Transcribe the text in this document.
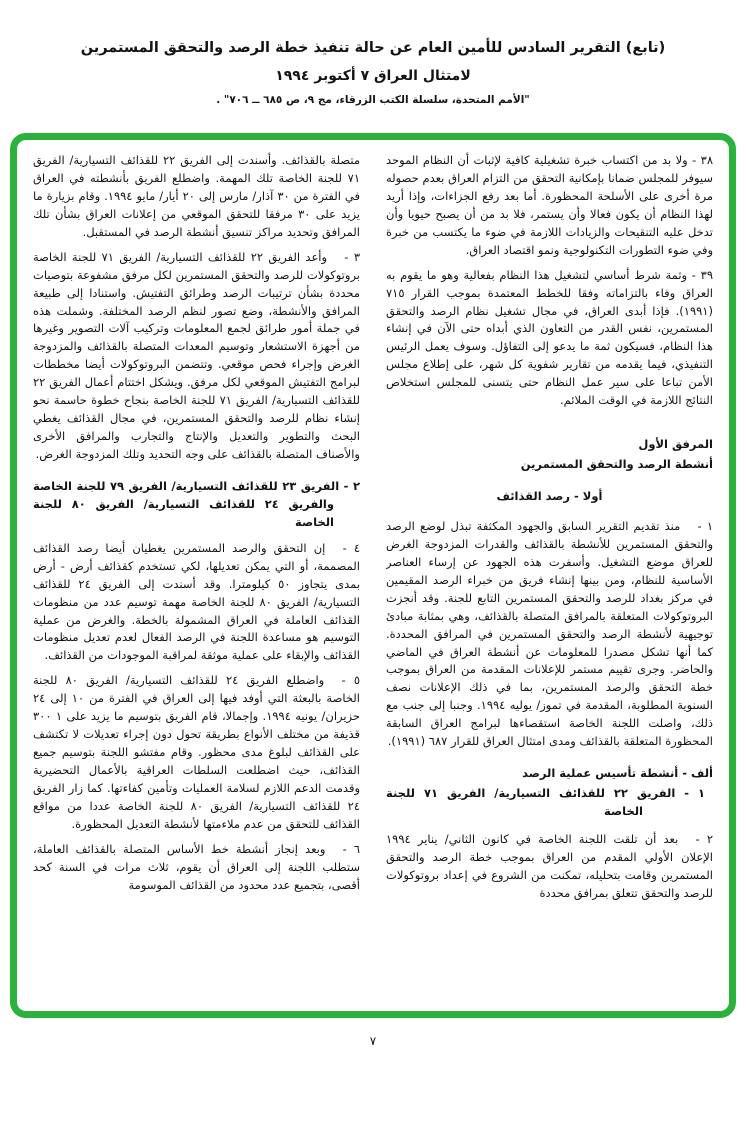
(تابع) التقرير السادس للأمين العام عن حالة تنفيذ خطة الرصد والتحقق المستمرين
لامتثال العراق ٧ أكتوبر ١٩٩٤
"الأمم المتحدة، سلسلة الكتب الزرقاء، مج ٩، ص ٦٨٥ ــ ٧٠٦" .

٣٨ - ولا بد من اكتساب خبرة تشغيلية كافية لإثبات أن النظام الموحد سيوفر للمجلس ضمانا بإمكانية التحقق من التزام العراق بعدم حصوله مرة أخرى على الأسلحة المحظورة. أما بعد رفع الجزاءات، وإذا أريد لهذا النظام أن يكون فعالا وأن يستمر، فلا بد من أن يصبح حيويا وأن تدخل عليه التنقيحات والزيادات اللازمة في ضوء ما يكتسب من خبرة وفي ضوء التطورات التكنولوجية ونمو اقتصاد العراق.

٣٩ - وثمة شرط أساسي لتشغيل هذا النظام بفعالية وهو ما يقوم به العراق وفاء بالتزاماته وفقا للخطط المعتمدة بموجب القرار ٧١٥ (١٩٩١). فإذا أبدى العراق، في مجال تشغيل نظام الرصد والتحقق المستمرين، نفس القدر من التعاون الذي أبداه حتى الآن في إنشاء هذا النظام، فسيكون ثمة ما يدعو إلى التفاؤل. وسوف يعمل الرئيس التنفيذي، فيما يقدمه من تقارير شفوية كل شهر، على إطلاع مجلس الأمن تباعا على سير عمل النظام حتى يتسنى للمجلس استخلاص النتائج اللازمة في الوقت الملائم.

المرفق الأول
أنشطة الرصد والتحقق المستمرين
أولا - رصد القذائف

١ -  منذ تقديم التقرير السابق والجهود المكثفة تبذل لوضع الرصد والتحقق المستمرين للأنشطة بالقذائف والقدرات المزدوجة الغرض للعراق موضع التشغيل. وأسفرت هذه الجهود عن إرساء العناصر الأساسية للنظام، ومن بينها إنشاء فريق من خبراء الرصد المقيمين في مركز بغداد للرصد والتحقق المستمرين التابع للجنة. وقد أنجزت البروتوكولات المتعلقة بالمرافق المتصلة بالقذائف، وهي بمثابة مبادئ توجيهية لأنشطة الرصد والتحقق المستمرين في المرافق المحددة. كما أنها تشكل مصدرا للمعلومات عن أنشطة العراق في الماضي والحاضر. وجرى تقييم مستمر للإعلانات المقدمة من العراق بموجب خطة التحقق والرصد المستمرين، بما في ذلك الإعلانات نصف السنوية المطلوبة، المقدمة في تموز/ يوليه ١٩٩٤. وجنبا إلى جنب مع ذلك، واصلت اللجنة الخاصة استقصاءها لبرامج العراق السابقة المحظورة المتعلقة بالقذائف ومدى امتثال العراق للقرار ٦٨٧ (١٩٩١).

ألف - أنشطة تأسيس عملية الرصد
١ - الفريق ٢٢ للقذائف التسيارية/ الفريق ٧١ للجنة الخاصة

٢ -  بعد أن تلقت اللجنة الخاصة في كانون الثاني/ يناير ١٩٩٤ الإعلان الأولي المقدم من العراق بموجب خطة الرصد والتحقق المستمرين وقامت بتحليله، تمكنت من الشروع في إعداد بروتوكولات للرصد والتحقق تتعلق بمرافق محددة

متصلة بالقذائف. وأسندت إلى الفريق ٢٢ للقذائف التسيارية/ الفريق ٧١ للجنة الخاصة تلك المهمة. واضطلع الفريق بأنشطته في العراق في الفترة من ٣٠ آذار/ مارس إلى ٢٠ أيار/ مايو ١٩٩٤. وقام بزيارة ما يزيد على ٣٠ مرفقا للتحقق الموقعي من إعلانات العراق بشأن تلك المرافق وتحديد مراكز تنسيق أنشطة الرصد في المستقبل.

٣ -  وأعد الفريق ٢٢ للقذائف التسيارية/ الفريق ٧١ للجنة الخاصة بروتوكولات للرصد والتحقق المستمرين لكل مرفق مشفوعة بتوصيات محددة بشأن ترتيبات الرصد وطرائق التفتيش. واستنادا إلى طبيعة المرافق والأنشطة، وضع تصور لنظم الرصد المختلفة. وشملت هذه في جملة أمور طرائق لجمع المعلومات وتركيب آلات التصوير وغيرها من أجهزة الاستشعار وتوسيم المعدات المتصلة بالقذائف والمزدوجة الغرض وإجراء فحص موقعي. وتتضمن البروتوكولات أيضا مخططات لبرامج التفتيش الموقعي لكل مرفق. ويشكل اختتام أعمال الفريق ٢٢ للقذائف التسيارية/ الفريق ٧١ للجنة الخاصة بنجاح خطوة حاسمة نحو إنشاء نظام للرصد والتحقق المستمرين، في مجال القذائف يغطي البحث والتطوير والتعديل والإنتاج والتجارب والمرافق الأخرى والأصناف المتصلة بالقذائف على وجه التحديد وتلك المزدوجة الغرض.

٢ - الفريق ٢٣ للقذائف التسيارية/ الفريق ٧٩ للجنة الخاصة والفريق ٢٤ للقذائف التسيارية/ الفريق ٨٠ للجنة الخاصة

٤ -  إن التحقق والرصد المستمرين يغطيان أيضا رصد القذائف المصممة، أو التي يمكن تعديلها، لكي تستخدم كقذائف أرض - أرض بمدى يتجاوز ٥٠ كيلومترا. وقد أسندت إلى الفريق ٢٤ للقذائف التسيارية/ الفريق ٨٠ للجنة الخاصة مهمة توسيم عدد من منظومات القذائف العاملة في العراق المشمولة بالخطة. والغرض من عملية التوسيم هو مساعدة اللجنة في الرصد الفعال لعدم تعديل منظومات القذائف والإبقاء على عملية موثقة لمراقبة الموجودات من القذائف.

٥ -  واضطلع الفريق ٢٤ للقذائف التسيارية/ الفريق ٨٠ للجنة الخاصة بالبعثة التي أوفد فيها إلى العراق في الفترة من ١٠ إلى ٢٤ حزيران/ يونيه ١٩٩٤. وإجمالا، قام الفريق بتوسيم ما يزيد على ١ ٣٠٠ قذيفة من مختلف الأنواع بطريقة تحول دون إجراء تعديلات لا تكتشف على القذائف لبلوغ مدى محظور. وقام مفتشو اللجنة بتوسيم جميع القذائف، حيث اضطلعت السلطات العراقية بالأعمال التحضيرية وقدمت الدعم اللازم لسلامة العمليات وتأمين كفاءتها. كما زار الفريق ٢٤ للقذائف التسيارية/ الفريق ٨٠ للجنة الخاصة عددا من مواقع القذائف للتحقق من عدم ملاءمتها لأنشطة التعديل المحظورة.

٦ -  وبعد إنجاز أنشطة خط الأساس المتصلة بالقذائف العاملة، ستطلب اللجنة إلى العراق أن يقوم، ثلاث مرات في السنة كحد أقصى، بتجميع عدد محدود من القذائف الموسومة

٧
